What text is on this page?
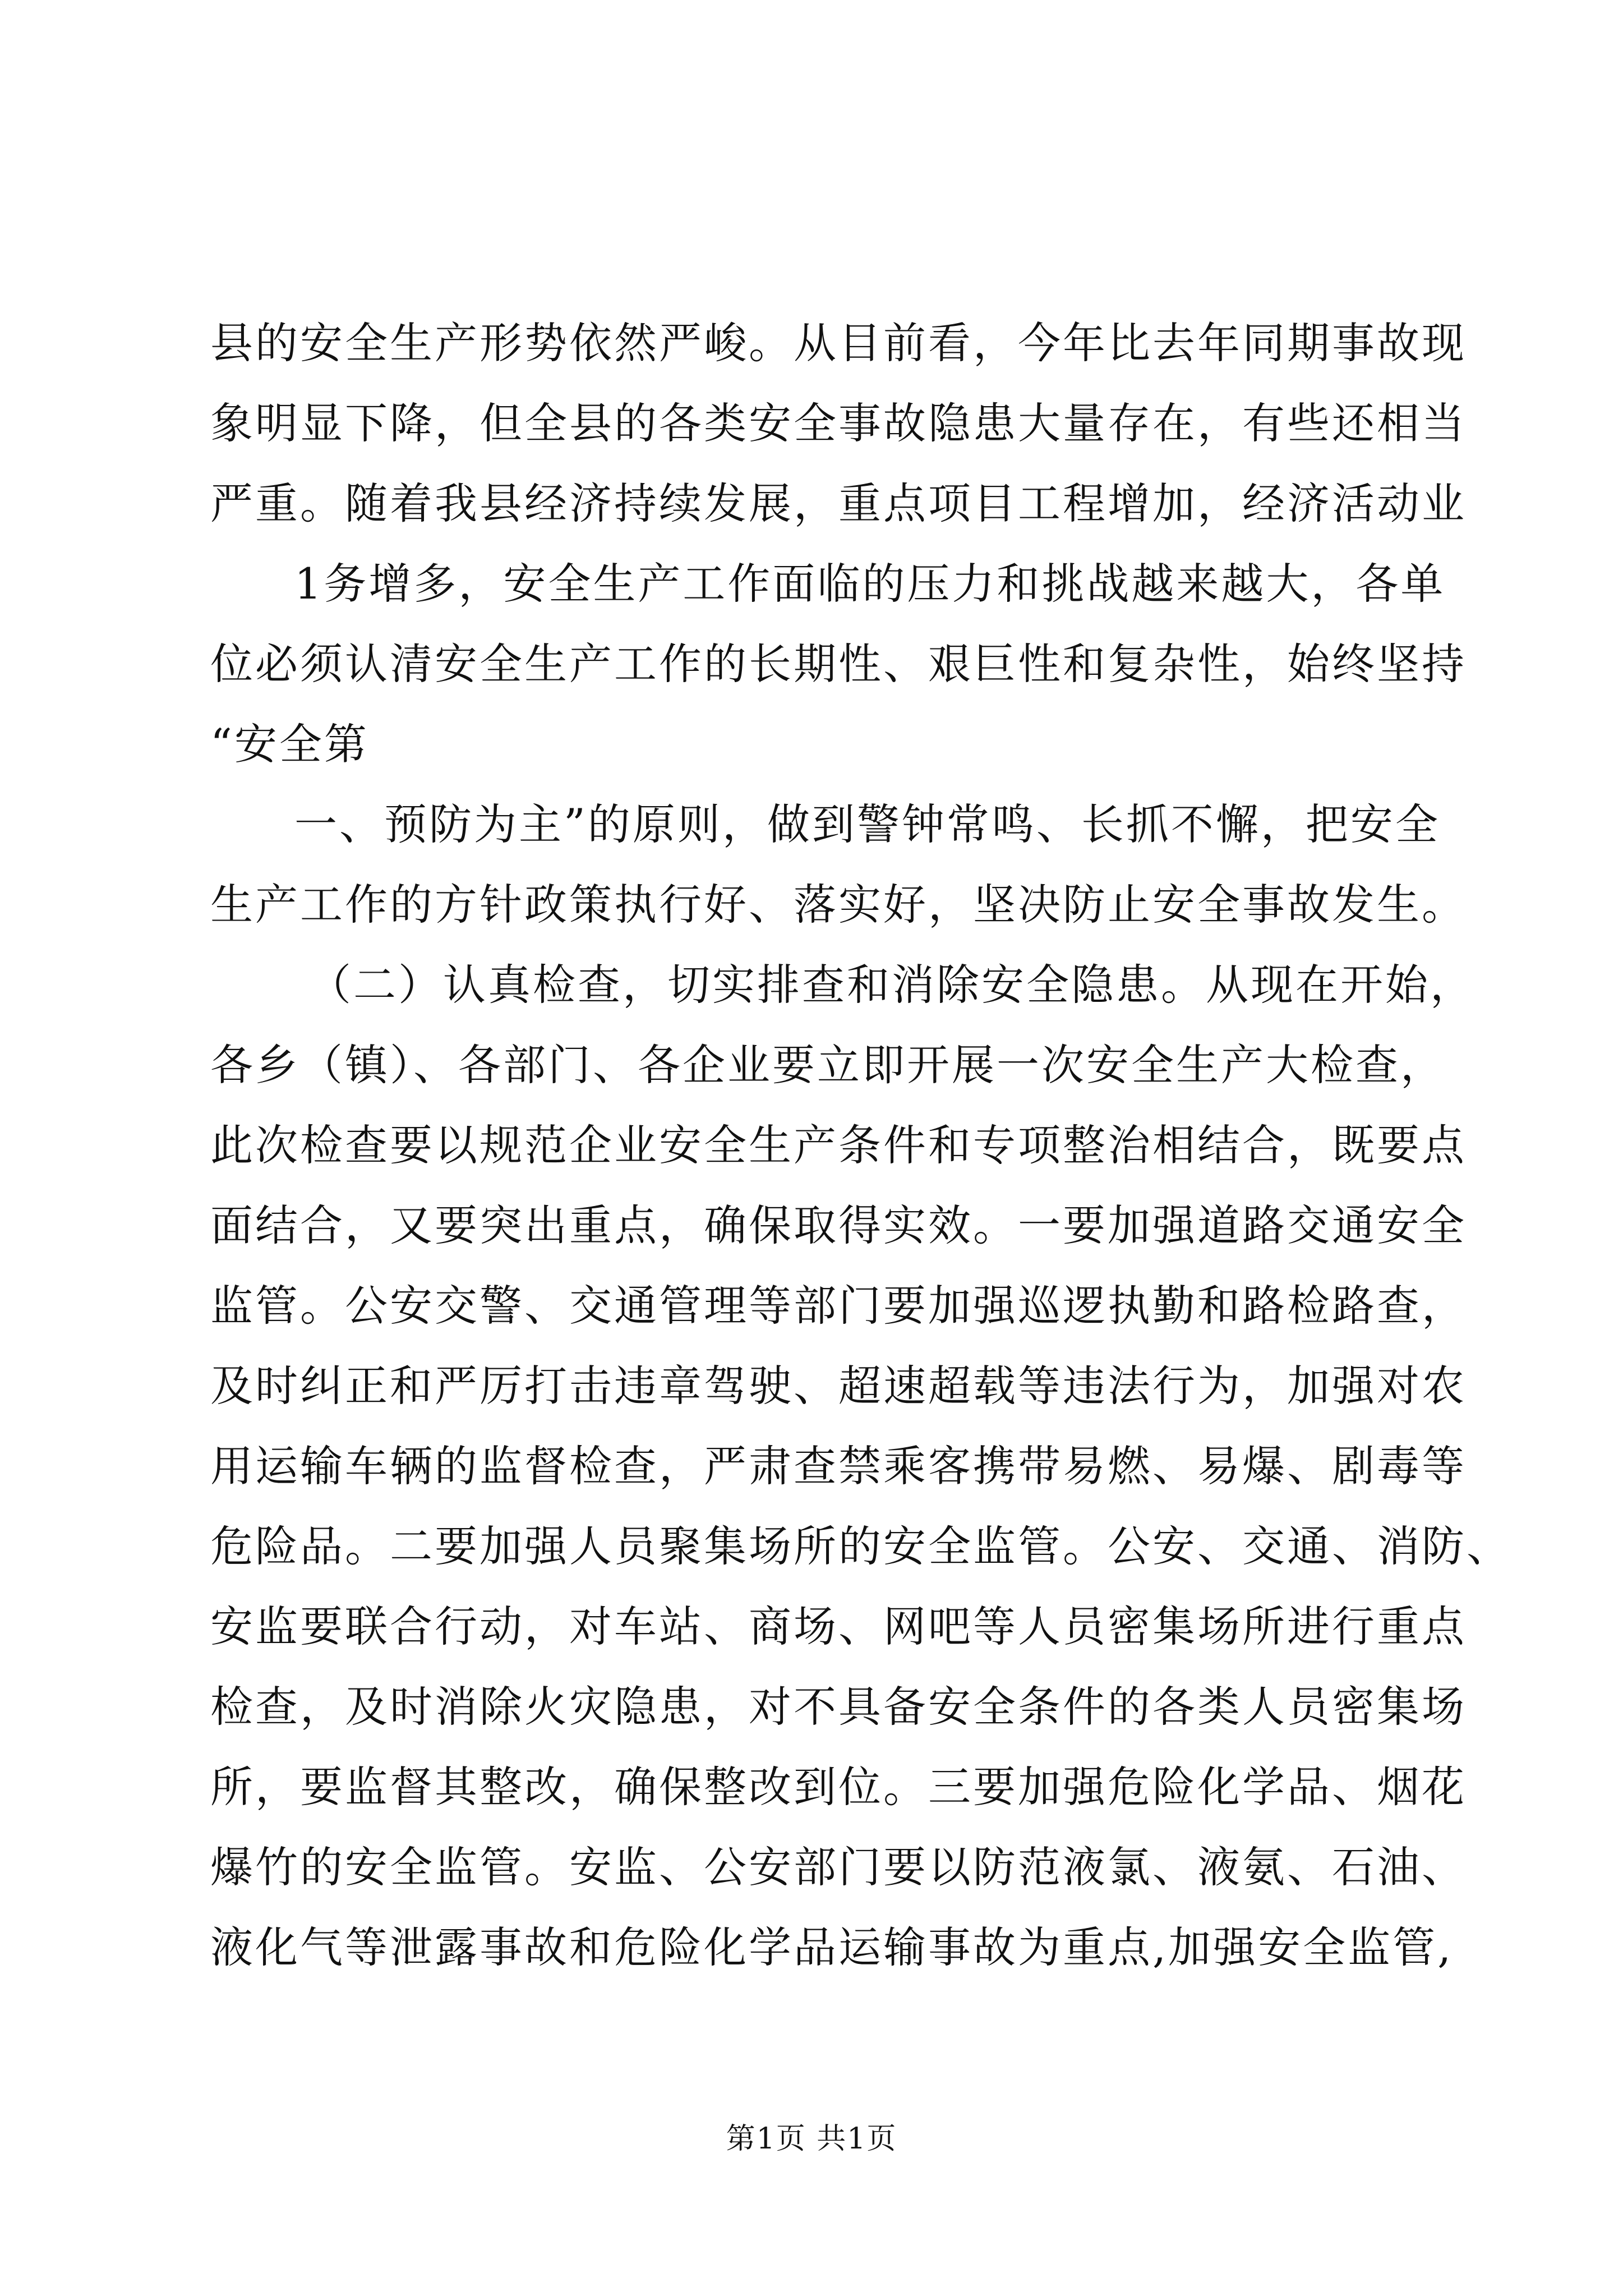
县的安全生产形势依然严峻。从目前看，今年比去年同期事故现
象明显下降，但全县的各类安全事故隐患大量存在，有些还相当
严重。随着我县经济持续发展，重点项目工程增加，经济活动业
1务增多，安全生产工作面临的压力和挑战越来越大，各单
位必须认清安全生产工作的长期性、艰巨性和复杂性，始终坚持
“安全第
一、预防为主”的原则，做到警钟常鸣、长抓不懈，把安全
生产工作的方针政策执行好、落实好，坚决防止安全事故发生。
（二）认真检查，切实排查和消除安全隐患。从现在开始，
各乡（镇）、各部门、各企业要立即开展一次安全生产大检查，
此次检查要以规范企业安全生产条件和专项整治相结合，既要点
面结合，又要突出重点，确保取得实效。一要加强道路交通安全
监管。公安交警、交通管理等部门要加强巡逻执勤和路检路查，
及时纠正和严厉打击违章驾驶、超速超载等违法行为，加强对农
用运输车辆的监督检查，严肃查禁乘客携带易燃、易爆、剧毒等
危险品。二要加强人员聚集场所的安全监管。公安、交通、消防、
安监要联合行动，对车站、商场、网吧等人员密集场所进行重点
检查，及时消除火灾隐患，对不具备安全条件的各类人员密集场
所，要监督其整改，确保整改到位。三要加强危险化学品、烟花
爆竹的安全监管。安监、公安部门要以防范液氯、液氨、石油、
液化气等泄露事故和危险化学品运输事故为重点,加强安全监管,
第1页 共1页
